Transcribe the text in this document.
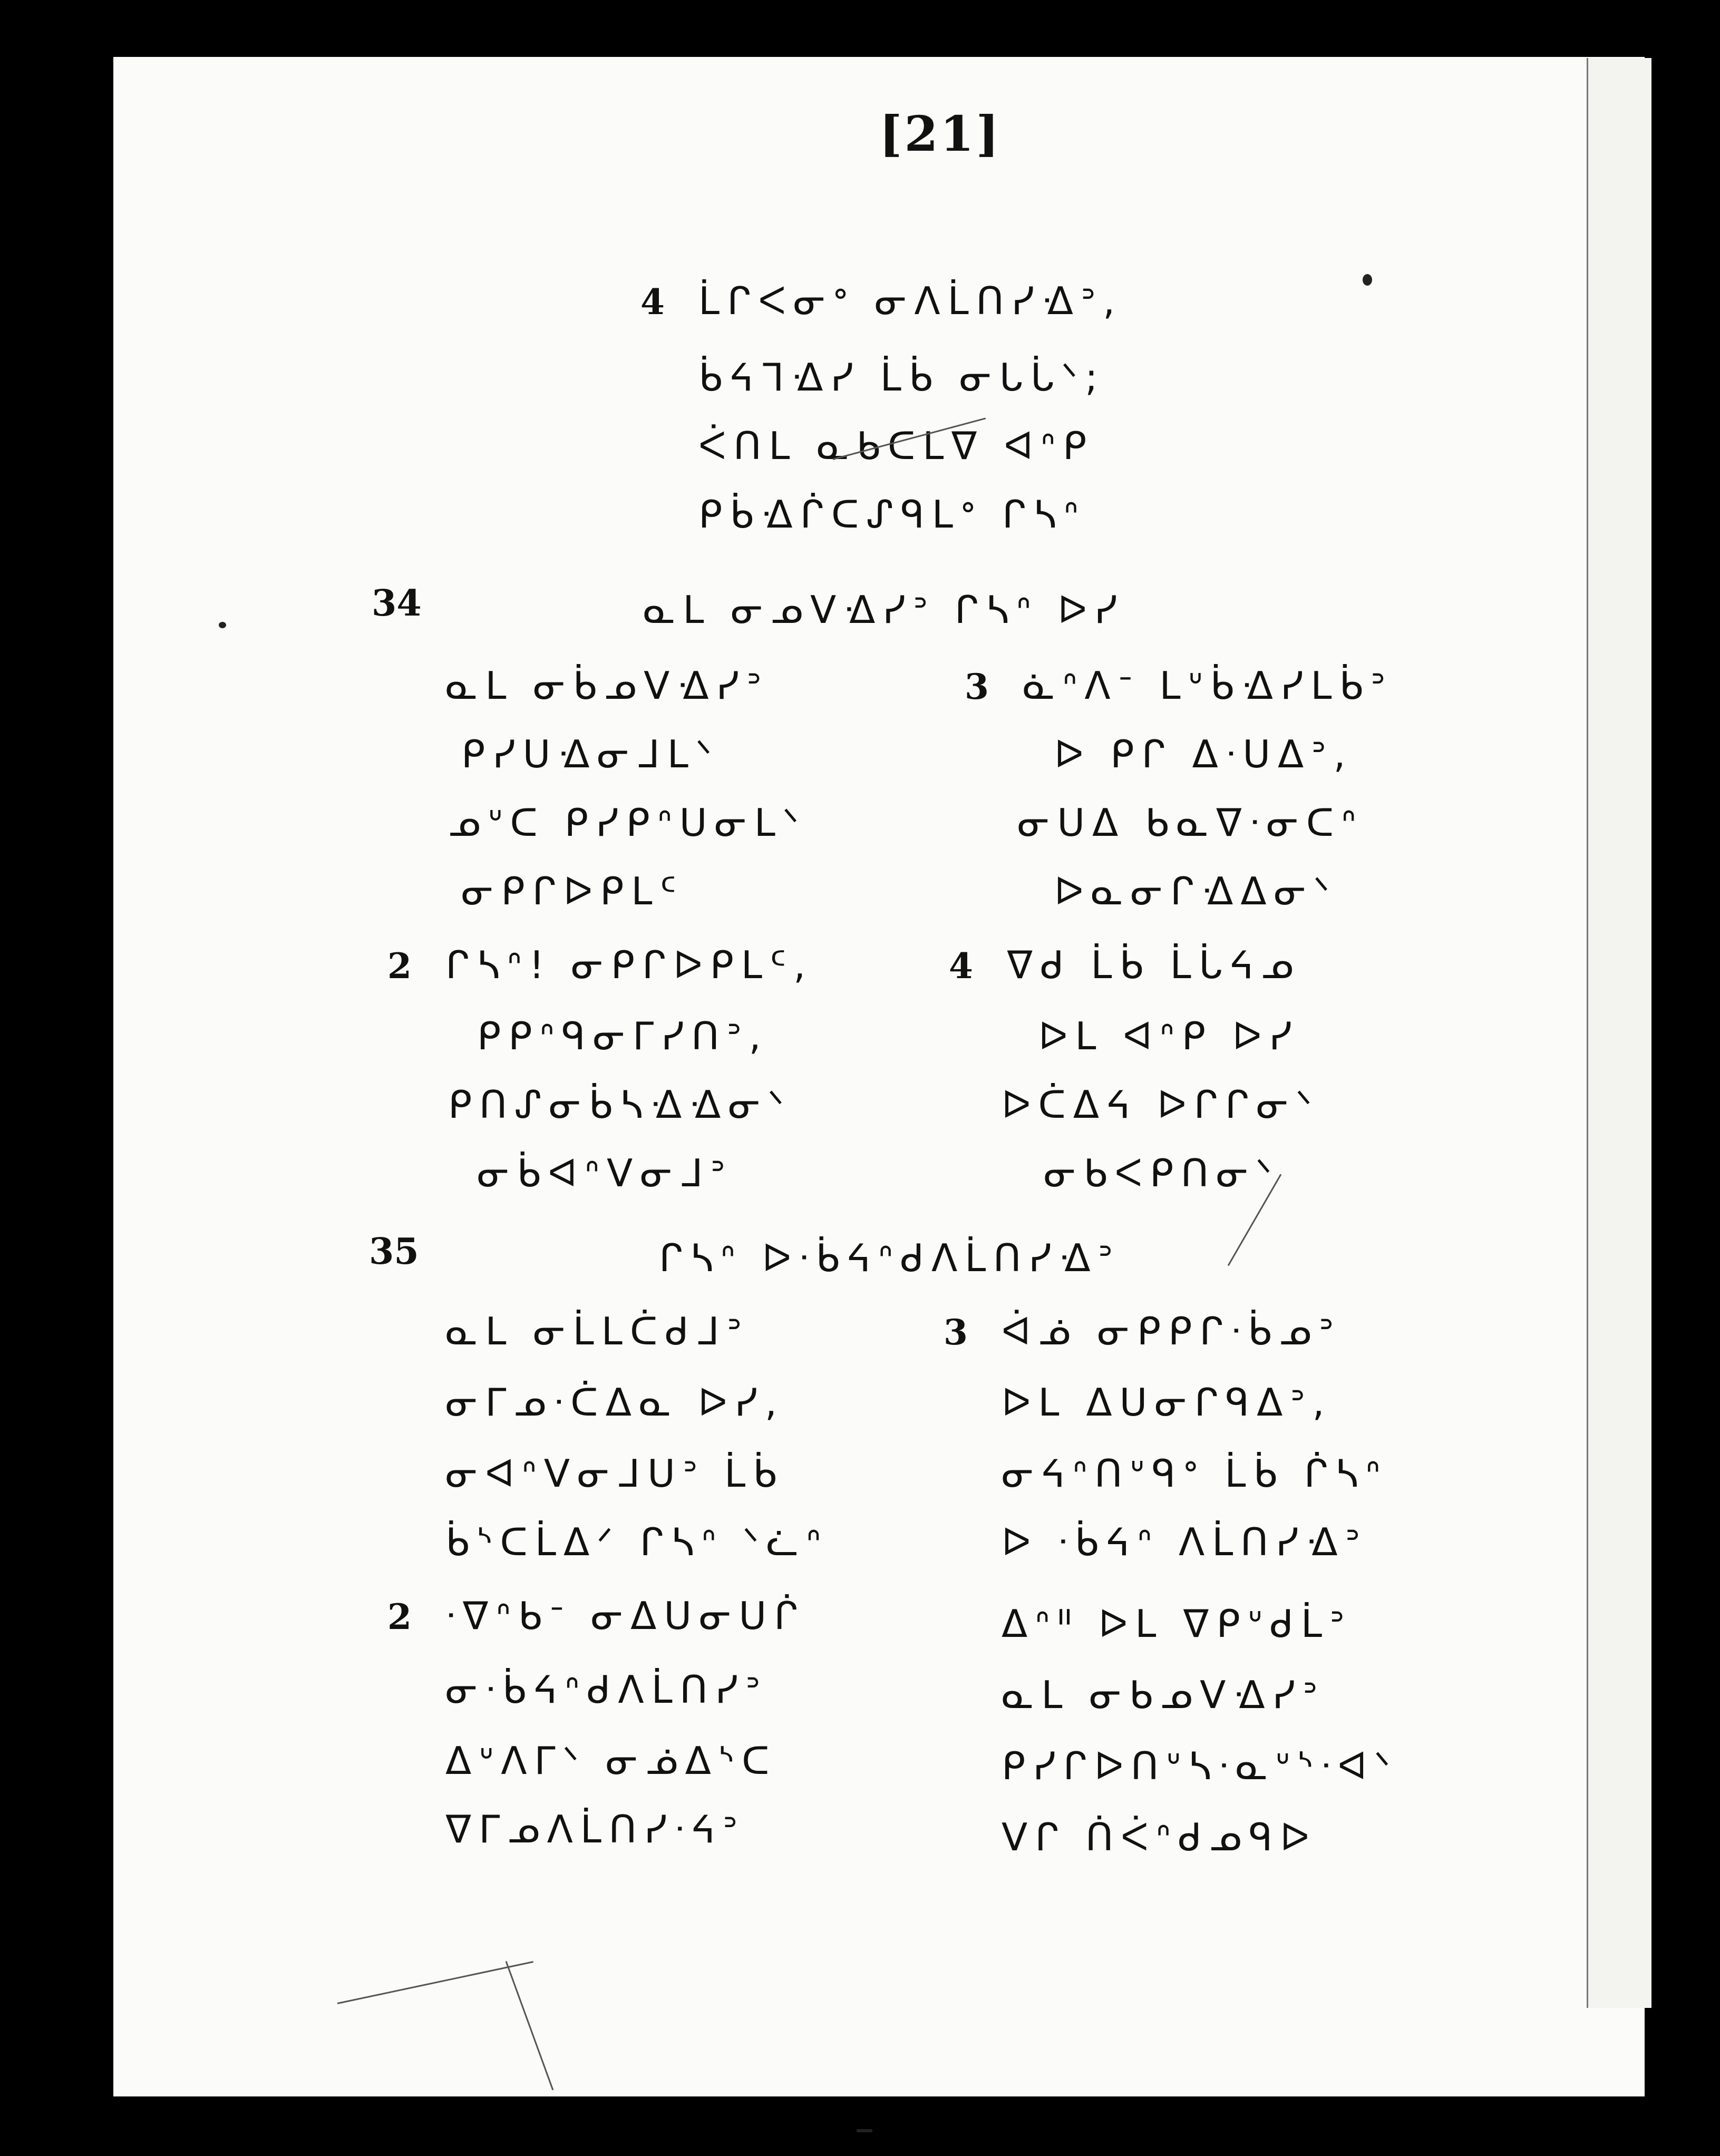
[21]
4 ᒫᒋᐸᓂᐤ ᓂᐱᒫᑎᓯᐎᐣ,
ᑳᔦᒣᐎᓯ ᒫᑳ ᓂᒐᒑᐠ;
ᐹᑎᒪ ᓇᑲᑕᒪᐁ ᐊᐢᑭ
ᑭᑳᐎᒌᑕᔑᑫᒪᐤ ᒋᓴᐢ
34	ᓇᒪ ᓂᓄᐯᐎᓯᐣ ᒋᓴᐢ ᐅᓯ
ᓇᒪ ᓂᑳᓄᐯᐎᓯᐣ
ᑭᓯᑌᐎᓂᒧᒪᐠ
ᓄᐡᑕ ᑭᓯᑭᐢᑌᓂᒪᐠ
ᓂᑭᒋᐅᑭᒪᑦ
2 ᒋᓴᐢ! ᓂᑭᒋᐅᑭᒪᑦ,
ᑭᑭᐢᑫᓂᒥᓯᑎᐣ,
ᑭᑎᔑᓂᑳᓴᐎᐎᓂᐠ
ᓂᑳᐊᐢᐯᓂᒧᐣ
3 ᓈᐢᐱᐨ ᒪᐡᑳᐎᓯᒪᑳᐣ
ᐅ ᑭᒋ ᐃᐧᑌᐃᐣ,
ᓂᑌᐃ ᑲᓇᐁᐧᓂᑕᐢ
ᐅᓇᓂᒋᐎᐃᓂᐠ
4 ᐁᑯ ᒫᑳ ᒫᒑᔦᓄ
ᐅᒪ ᐊᐢᑭ ᐅᓯ
ᐅᑖᐃᔦ ᐅᒋᒋᓂᐠ
ᓂᑲᐸᑭᑎᓂᐠ
35	ᒋᓴᐢ ᐅᐧᑳᔦᐢᑯᐱᒫᑎᓯᐎᐣ
ᓇᒪ ᓂᒫᒪᑖᑯᒧᐣ
ᓂᒥᓄᐧᑖᐃᓇ ᐅᓯ,
ᓂᐊᐢᐯᓂᒧᑌᐣ ᒫᑳ
ᑳᔅᑕᒫᐃᐟ ᒋᓴᐢ ᐠᓛᐢ
2 ᐧᐁᐢᑲᐨ ᓂᐃᑌᓂᑌᒌ
ᓂᐧᑳᔦᐢᑯᐱᒫᑎᓯᐣ
ᐃᐡᐱᒥᐠ ᓂᓅᐃᔅᑕ
ᐁᒥᓄᐱᒫᑎᓯᐧᔦᐣ
3 ᐋᓅ ᓂᑭᑭᒋᐧᑳᓄᐣ
ᐅᒪ ᐃᑌᓂᒋᑫᐃᐣ,
ᓂᔦᐢᑎᐡᑫᐤ ᒫᑳ ᒌᓴᐢ
ᐅ ᐧᑳᔦᐢ ᐱᒫᑎᓯᐎᐣ
ᐃᐢᐦ ᐅᒪ ᐁᑭᐡᑯᒫᐣ
ᓇᒪ ᓂᑲᓄᐯᐎᓯᐣ
ᑭᓯᒋᐅᑎᐡᓴᐧᓇᐡᔅᐧᐊᐠ
ᐯᒋ ᑏᐹᐢᑯᓄᑫᐅ
